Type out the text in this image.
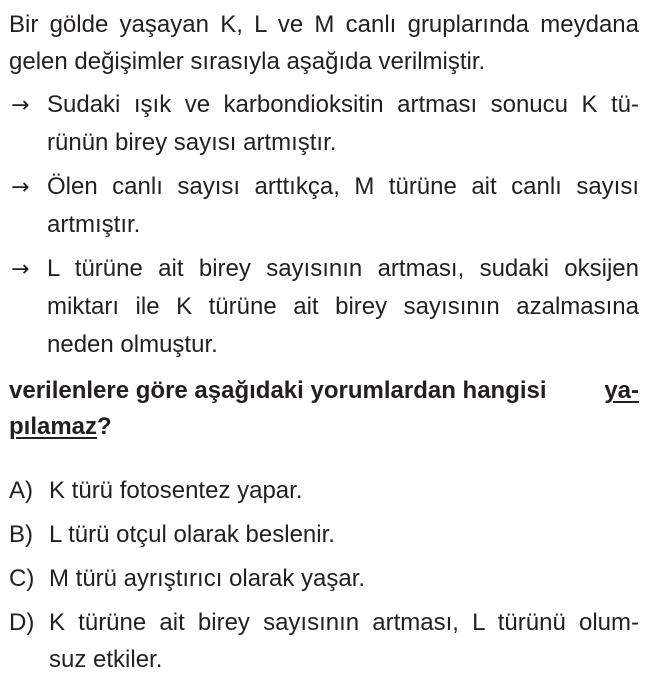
Bir gölde yaşayan K, L ve M canlı gruplarında meydana
gelen değişimler sırasıyla aşağıda verilmiştir.
→ Sudaki ışık ve karbondioksitin artması sonucu K tü-
rünün birey sayısı artmıştır.
→ Ölen canlı sayısı arttıkça, M türüne ait canlı sayısı
artmıştır.
→ L türüne ait birey sayısının artması, sudaki oksijen
miktarı ile K türüne ait birey sayısının azalmasına
neden olmuştur.
verilenlere göre aşağıdaki yorumlardan hangisi ya-
pılamaz?
A) K türü fotosentez yapar.
B) L türü otçul olarak beslenir.
C) M türü ayrıştırıcı olarak yaşar.
D) K türüne ait birey sayısının artması, L türünü olum-
suz etkiler.
